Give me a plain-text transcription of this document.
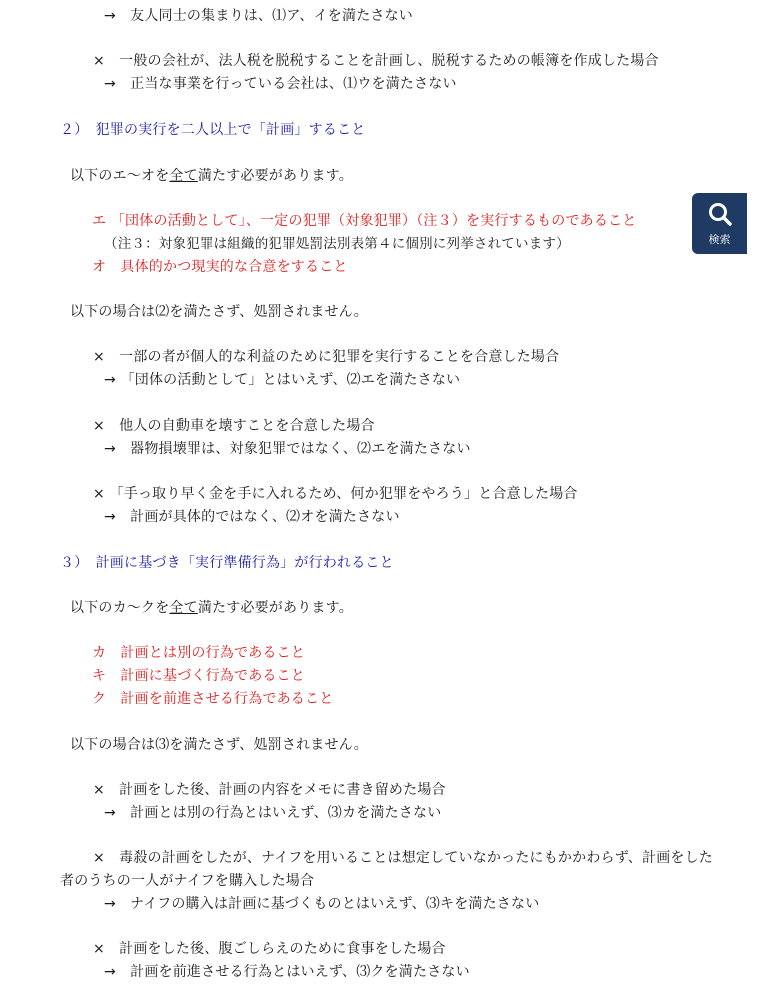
→　友人同士の集まりは、⑴ア、イを満たさない
×　一般の会社が、法人税を脱税することを計画し、脱税するための帳簿を作成した場合
→　正当な事業を行っている会社は、⑴ウを満たさない
２）　犯罪の実行を二人以上で「計画」すること
以下のエ～オを全て満たす必要があります。
エ 「団体の活動として」、一定の犯罪（対象犯罪）（注３）を実行するものであること
（注３：対象犯罪は組織的犯罪処罰法別表第４に個別に列挙されています）
オ　具体的かつ現実的な合意をすること
以下の場合は⑵を満たさず、処罰されません。
×　一部の者が個人的な利益のために犯罪を実行することを合意した場合
→ 「団体の活動として」とはいえず、⑵エを満たさない
×　他人の自動車を壊すことを合意した場合
→　器物損壊罪は、対象犯罪ではなく、⑵エを満たさない
× 「手っ取り早く金を手に入れるため、何か犯罪をやろう」と合意した場合
→　計画が具体的ではなく、⑵オを満たさない
３）　計画に基づき「実行準備行為」が行われること
以下のカ～クを全て満たす必要があります。
カ　計画とは別の行為であること
キ　計画に基づく行為であること
ク　計画を前進させる行為であること
以下の場合は⑶を満たさず、処罰されません。
×　計画をした後、計画の内容をメモに書き留めた場合
→　計画とは別の行為とはいえず、⑶カを満たさない
×　毒殺の計画をしたが、ナイフを用いることは想定していなかったにもかかわらず、計画をした
者のうちの一人がナイフを購入した場合
→　ナイフの購入は計画に基づくものとはいえず、⑶キを満たさない
×　計画をした後、腹ごしらえのために食事をした場合
→　計画を前進させる行為とはいえず、⑶クを満たさない
検索
